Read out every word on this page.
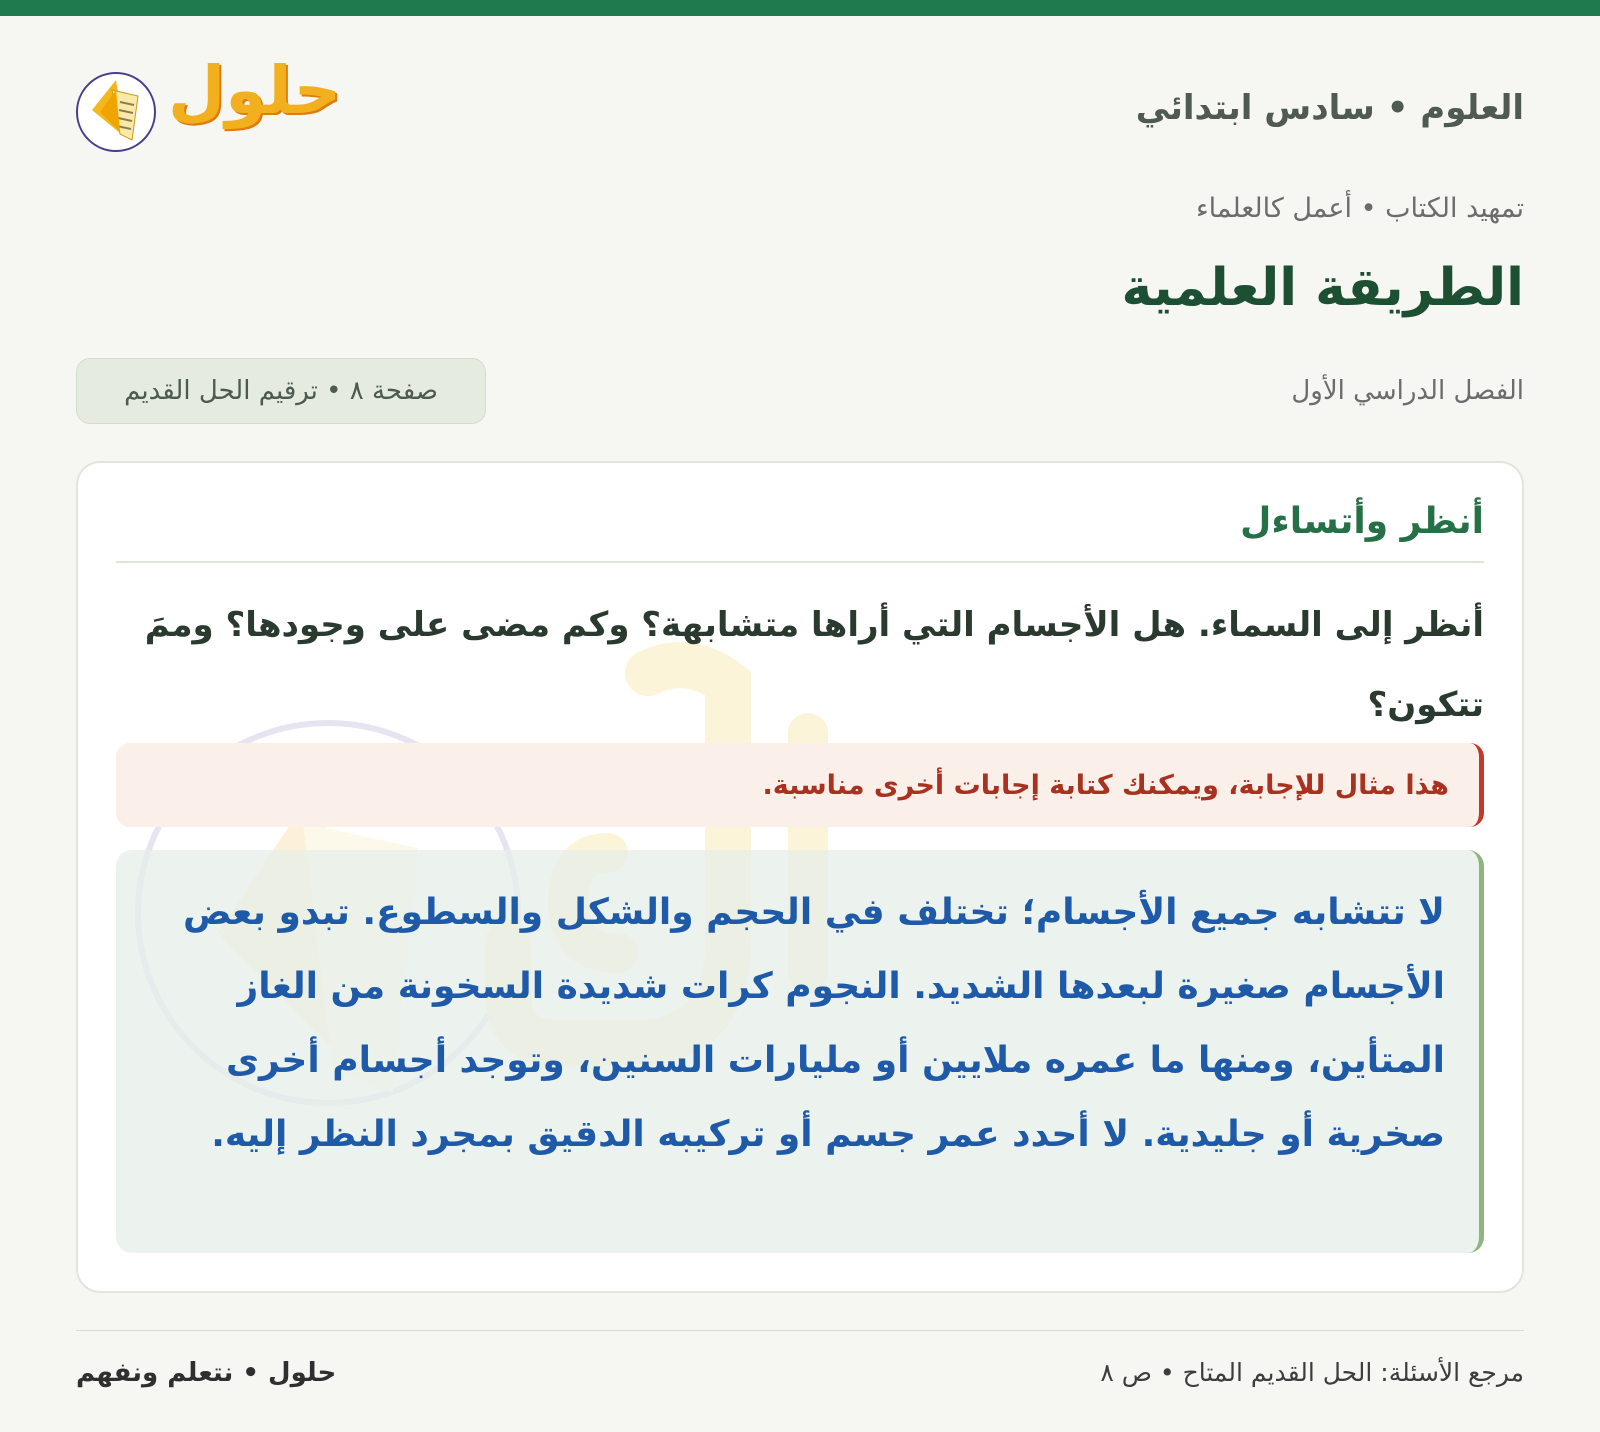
العلوم • سادس ابتدائي
حلول
تمهيد الكتاب • أعمل كالعلماء
الطريقة العلمية
الفصل الدراسي الأول
صفحة ٨ • ترقيم الحل القديم
أنظر وأتساءل
أنظر إلى السماء. هل الأجسام التي أراها متشابهة؟ وكم مضى على وجودها؟ وممَ تتكون؟
هذا مثال للإجابة، ويمكنك كتابة إجابات أخرى مناسبة.
لا تتشابه جميع الأجسام؛ تختلف في الحجم والشكل والسطوع. تبدو بعض الأجسام صغيرة لبعدها الشديد. النجوم كرات شديدة السخونة من الغاز المتأين، ومنها ما عمره ملايين أو مليارات السنين، وتوجد أجسام أخرى صخرية أو جليدية. لا أحدد عمر جسم أو تركيبه الدقيق بمجرد النظر إليه.
مرجع الأسئلة: الحل القديم المتاح • ص ٨
حلول • نتعلم ونفهم
